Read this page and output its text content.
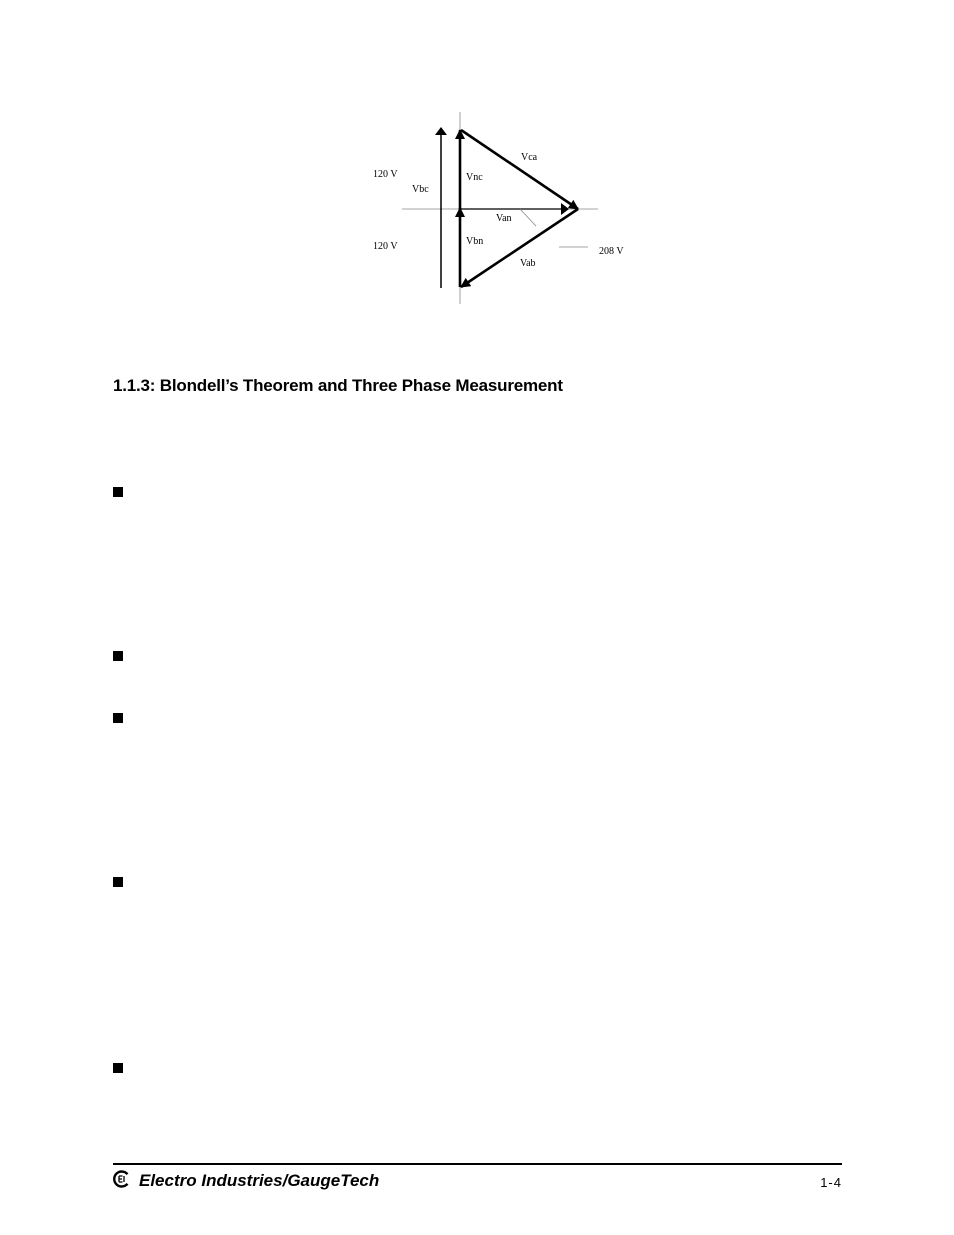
Vca
Vnc
120 V
Vbc
Van
Vbn
120 V
Vab
208 V
1.1.3: Blondell’s Theorem and Three Phase Measurement

Electro Industries/GaugeTech	1-4
